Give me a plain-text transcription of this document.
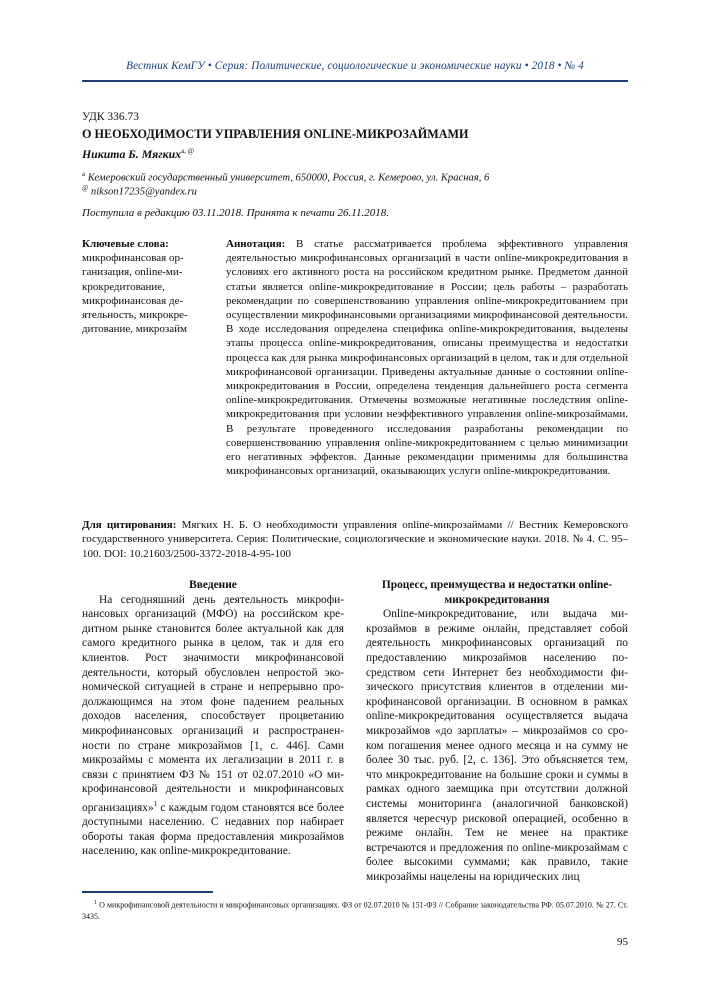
Вестник КемГУ • Серия: Политические, социологические и экономические науки • 2018 • № 4
УДК 336.73
О НЕОБХОДИМОСТИ УПРАВЛЕНИЯ ONLINE-МИКРОЗАЙМАМИ
Никита Б. Мягких$^{a, @}$
$^a$ Кемеровский государственный университет, 650000, Россия, г. Кемерово, ул. Красная, 6
@ nikson17235@yandex.ru
Поступила в редакцию 03.11.2018. Принята к печати 26.11.2018.
Ключевые слова:
микрофинансовая организация, online-микрокредитование, микрофинансовая деятельность, микрокредитование, микрозайм
Аннотация: В статье рассматривается проблема эффективного управления деятельностью микрофинансовых организаций в части online-микрокредитования в условиях его активного роста на российском кредитном рынке. Предметом данной статьи является online-микрокредитование в России; цель работы – разработать рекомендации по совершенствованию управления online-микрокредитованием при осуществлении микрофинансовыми организациями микрофинансовой деятельности. В ходе исследования определена специфика online-микрокредитования, выделены этапы процесса online-микрокредитования, описаны преимущества и недостатки процесса как для рынка микрофинансовых организаций в целом, так и для отдельной микрофинансовой организации. Приведены актуальные данные о состоянии online-микрокредитования в России, определена тенденция дальнейшего роста сегмента online-микрокредитования. Отмечены возможные негативные последствия online-микрокредитования при условии неэффективного управления online-микрозаймами. В результате проведенного исследования разработаны рекомендации по совершенствованию управления online-микрокредитованием с целью минимизации его негативных эффектов. Данные рекомендации применимы для большинства микрофинансовых организаций, оказывающих услуги online-микрокредитования.
Для цитирования: Мягких Н. Б. О необходимости управления online-микрозаймами // Вестник Кемеровского государственного университета. Серия: Политические, социологические и экономические науки. 2018. № 4. С. 95–100. DOI: 10.21603/2500-3372-2018-4-95-100
Введение

На сегодняшний день деятельность микрофинансовых организаций (МФО) на российском кредитном рынке становится более актуальной как для самого кредитного рынка в целом, так и для его клиентов. Рост значимости микрофинансовой деятельности, который обусловлен непростой экономической ситуацией в стране и непрерывно продолжающимся на этом фоне падением реальных доходов населения, способствует процветанию микрофинансовых организаций и распространенности по стране микрозаймов [1, с. 446]. Сами микрозаймы с момента их легализации в 2011 г. в связи с принятием ФЗ № 151 от 02.07.2010 «О микрофинансовой деятельности и микрофинансовых организациях»$^1$ с каждым годом становятся все более доступными населению. С недавних пор набирает обороты такая форма предоставления микрозаймов населению, как online-микрокредитование.

Процесс, преимущества и недостатки online-микрокредитования

Online-микрокредитование, или выдача микрозаймов в режиме онлайн, представляет собой деятельность микрофинансовых организаций по предоставлению микрозаймов населению посредством сети Интернет без необходимости физического присутствия клиентов в отделении микрофинансовой организации. В основном в рамках online-микрокредитования осуществляется выдача микрозаймов «до зарплаты» – микрозаймов со сроком погашения менее одного месяца и на сумму не более 30 тыс. руб. [2, с. 136]. Это объясняется тем, что микрокредитование на большие сроки и суммы в рамках одного заемщика при отсутствии должной системы мониторинга (аналогичной банковской) является чересчур рисковой операцией, особенно в режиме онлайн. Тем не менее на практике встречаются и предложения по online-микрозаймам с более высокими суммами; как правило, такие микрозаймы нацелены на юридических лиц

$^1$ О микрофинансовой деятельности и микрофинансовых организациях. ФЗ от 02.07.2010 № 151-ФЗ // Собрание законодательства РФ. 05.07.2010. № 27. Ст. 3435.

95
